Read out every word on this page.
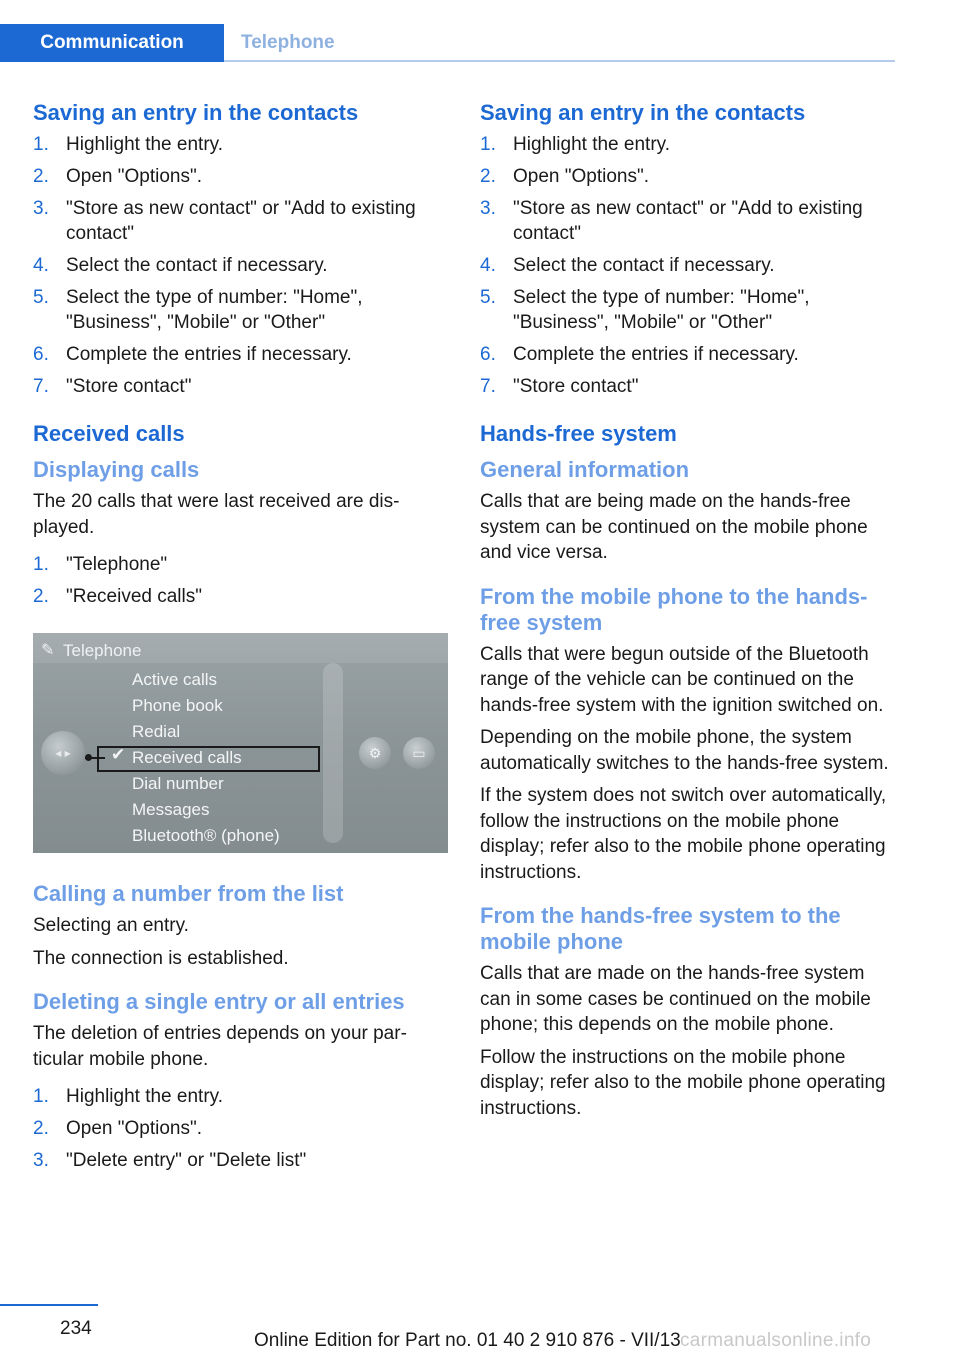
Communication	Telephone
Saving an entry in the contacts
1. Highlight the entry.
2. Open "Options".
3. "Store as new contact" or "Add to existing contact"
4. Select the contact if necessary.
5. Select the type of number: "Home", "Business", "Mobile" or "Other"
6. Complete the entries if necessary.
7. "Store contact"
Received calls
Displaying calls
The 20 calls that were last received are displayed.
1. "Telephone"
2. "Received calls"
✎ Telephone
Active calls
Phone book
Redial
Received calls
Dial number
Messages
Bluetooth® (phone)
✔
◂ ▸	⚙	▭
Calling a number from the list
Selecting an entry.
The connection is established.
Deleting a single entry or all entries
The deletion of entries depends on your particular mobile phone.
1. Highlight the entry.
2. Open "Options".
3. "Delete entry" or "Delete list"
Saving an entry in the contacts
1. Highlight the entry.
2. Open "Options".
3. "Store as new contact" or "Add to existing contact"
4. Select the contact if necessary.
5. Select the type of number: "Home", "Business", "Mobile" or "Other"
6. Complete the entries if necessary.
7. "Store contact"
Hands-free system
General information
Calls that are being made on the hands-free system can be continued on the mobile phone and vice versa.
From the mobile phone to the hands-free system
Calls that were begun outside of the Bluetooth range of the vehicle can be continued on the hands-free system with the ignition switched on.
Depending on the mobile phone, the system automatically switches to the hands-free system.
If the system does not switch over automatically, follow the instructions on the mobile phone display; refer also to the mobile phone operating instructions.
From the hands-free system to the mobile phone
Calls that are made on the hands-free system can in some cases be continued on the mobile phone; this depends on the mobile phone.
Follow the instructions on the mobile phone display; refer also to the mobile phone operating instructions.
234
Online Edition for Part no. 01 40 2 910 876 - VII/13 carmanualsonline.info
